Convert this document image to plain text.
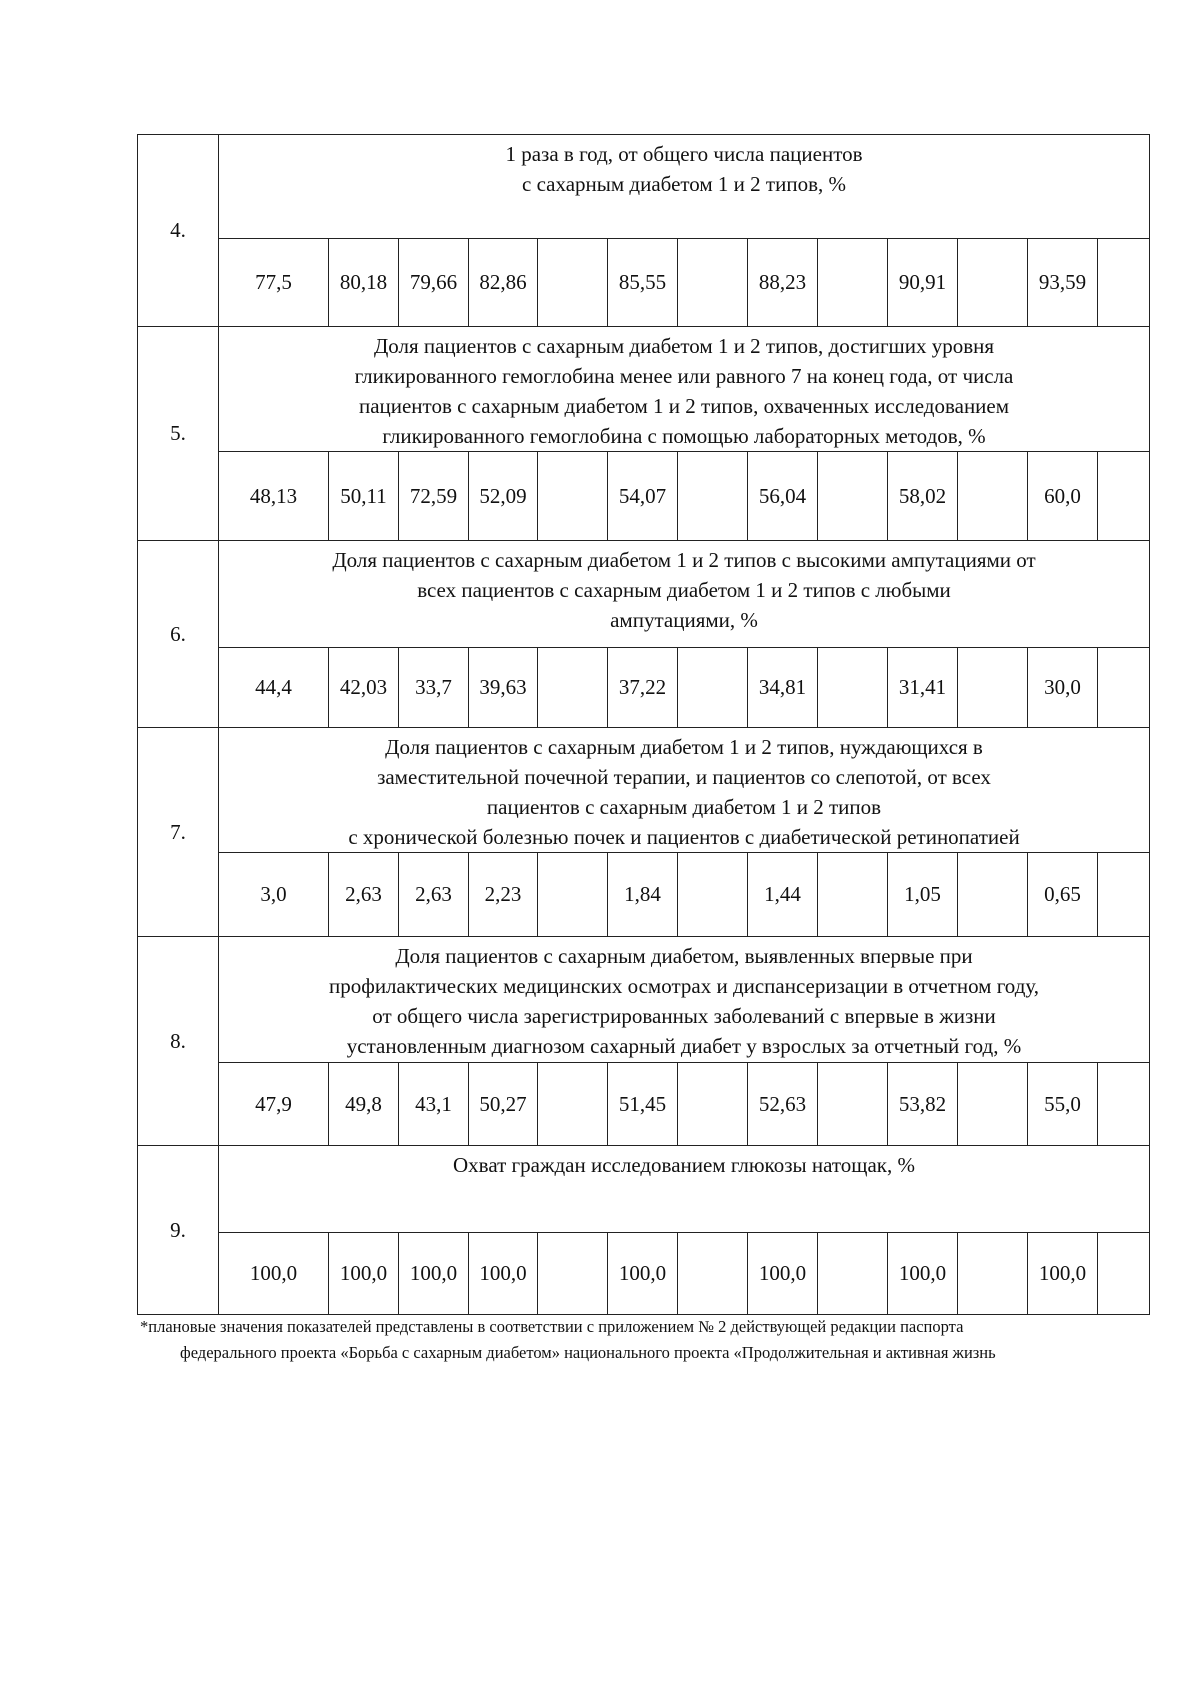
4.	
1 раза в год, от общего числа пациентов
с сахарным диабетом 1 и 2 типов, %

77,5	80,18	79,66	82,86		85,55		88,23		90,91		93,59	

5.	
Доля пациентов с сахарным диабетом 1 и 2 типов, достигших уровня
гликированного гемоглобина менее или равного 7 на конец года, от числа
пациентов с сахарным диабетом 1 и 2 типов, охваченных исследованием
гликированного гемоглобина с помощью лабораторных методов, %

48,13	50,11	72,59	52,09		54,07		56,04		58,02		60,0	

6.	
Доля пациентов с сахарным диабетом 1 и 2 типов с высокими ампутациями от
всех пациентов с сахарным диабетом 1 и 2 типов с любыми
ампутациями, %

44,4	42,03	33,7	39,63		37,22		34,81		31,41		30,0	

7.	
Доля пациентов с сахарным диабетом 1 и 2 типов, нуждающихся в
заместительной почечной терапии, и пациентов со слепотой, от всех
пациентов с сахарным диабетом 1 и 2 типов
с хронической болезнью почек и пациентов с диабетической ретинопатией

3,0	2,63	2,63	2,23		1,84		1,44		1,05		0,65	

8.	
Доля пациентов с сахарным диабетом, выявленных впервые при
профилактических медицинских осмотрах и диспансеризации в отчетном году,
от общего числа зарегистрированных заболеваний с впервые в жизни
установленным диагнозом сахарный диабет у взрослых за отчетный год, %

47,9	49,8	43,1	50,27		51,45		52,63		53,82		55,0	

9.	
Охват граждан исследованием глюкозы натощак, %

100,0	100,0	100,0	100,0		100,0		100,0		100,0		100,0	
*плановые значения показателей представлены в соответствии с приложением № 2 действующей редакции паспорта
федерального проекта «Борьба с сахарным диабетом» национального проекта «Продолжительная и активная жизнь
